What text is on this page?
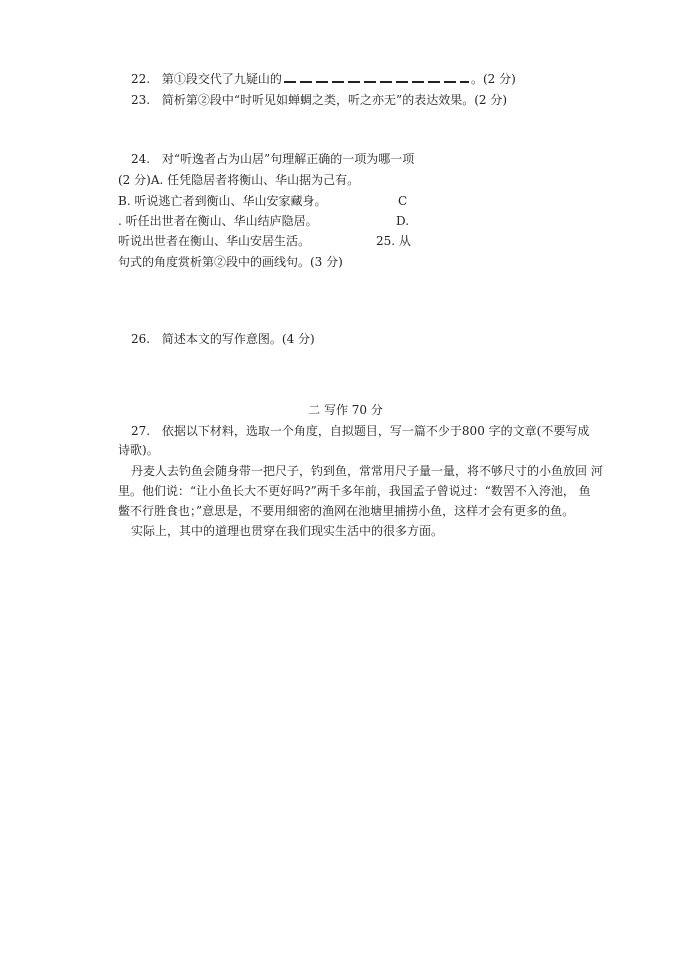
22. 第①段交代了九疑山的	。(2 分)
23. 简析第②段中“时听见如蝉蜩之类，听之亦无”的表达效果。(2 分)
24. 对“听逸者占为山居”句理解正确的一项为哪一项
(2 分)A. 任凭隐居者将衡山、华山据为己有。
B. 听说逃亡者到衡山、华山安家藏身。	C
. 听任出世者在衡山、华山结庐隐居。	D.
听说出世者在衡山、华山安居生活。	25. 从
句式的角度赏析第②段中的画线句。(3 分)
26. 简述本文的写作意图。(4 分)
二 写作 70 分
27. 依据以下材料，选取一个角度，自拟题目，写一篇不少于800 字的文章(不要写成
诗歌)。
丹麦人去钓鱼会随身带一把尺子，钓到鱼，常常用尺子量一量，将不够尺寸的小鱼放回 河
里。他们说：“让小鱼长大不更好吗?”两千多年前，我国孟子曾说过：“数罟不入洿池， 鱼
鳖不行胜食也；”意思是，不要用细密的渔网在池塘里捕捞小鱼，这样才会有更多的鱼。
实际上，其中的道理也贯穿在我们现实生活中的很多方面。
